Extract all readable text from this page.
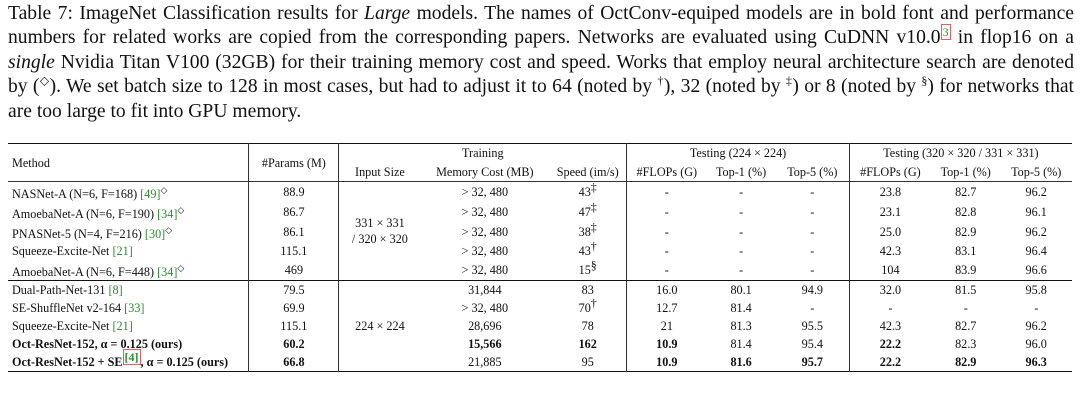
Table 7: ImageNet Classification results for Large models. The names of OctConv-equiped models are in bold font and performance numbers for related works are copied from the corresponding papers. Networks are evaluated using CuDNN v10.0 $^3$ in flop16 on a single Nvidia Titan V100 (32GB) for their training memory cost and speed. Works that employ neural architecture search are denoted by (◇). We set batch size to 128 in most cases, but had to adjust it to 64 (noted by †), 32 (noted by ‡) or 8 (noted by §) for networks that are too large to fit into GPU memory.

Method	#Params (M)	Training			Testing (224 × 224)			Testing (320 × 320 / 331 × 331)		
		Input Size	Memory Cost (MB)	Speed (im/s)	#FLOPs (G)	Top-1 (%)	Top-5 (%)	#FLOPs (G)	Top-1 (%)	Top-5 (%)
NASNet-A (N=6, F=168) [49]◇	88.9	331 × 331
/ 320 × 320	> 32, 480	43‡	-	-	-	23.8	82.7	96.2
AmoebaNet-A (N=6, F=190) [34]◇	86.7		> 32, 480	47‡	-	-	-	23.1	82.8	96.1
PNASNet-5 (N=4, F=216) [30]◇	86.1		> 32, 480	38‡	-	-	-	25.0	82.9	96.2
Squeeze-Excite-Net [21]	115.1		> 32, 480	43†	-	-	-	42.3	83.1	96.4
AmoebaNet-A (N=6, F=448) [34]◇	469		> 32, 480	15§	-	-	-	104	83.9	96.6
Dual-Path-Net-131 [8]	79.5	224 × 224	31,844	83	16.0	80.1	94.9	32.0	81.5	95.8
SE-ShuffleNet v2-164 [33]	69.9		> 32, 480	70†	12.7	81.4	-	-	-	-
Squeeze-Excite-Net [21]	115.1		28,696	78	21	81.3	95.5	42.3	82.7	96.2
Oct-ResNet-152, α = 0.125 (ours)	60.2		15,566	162	10.9	81.4	95.4	22.2	82.3	96.0
Oct-ResNet-152 + SE [4] , α = 0.125 (ours)	66.8		21,885	95	10.9	81.6	95.7	22.2	82.9	96.3
